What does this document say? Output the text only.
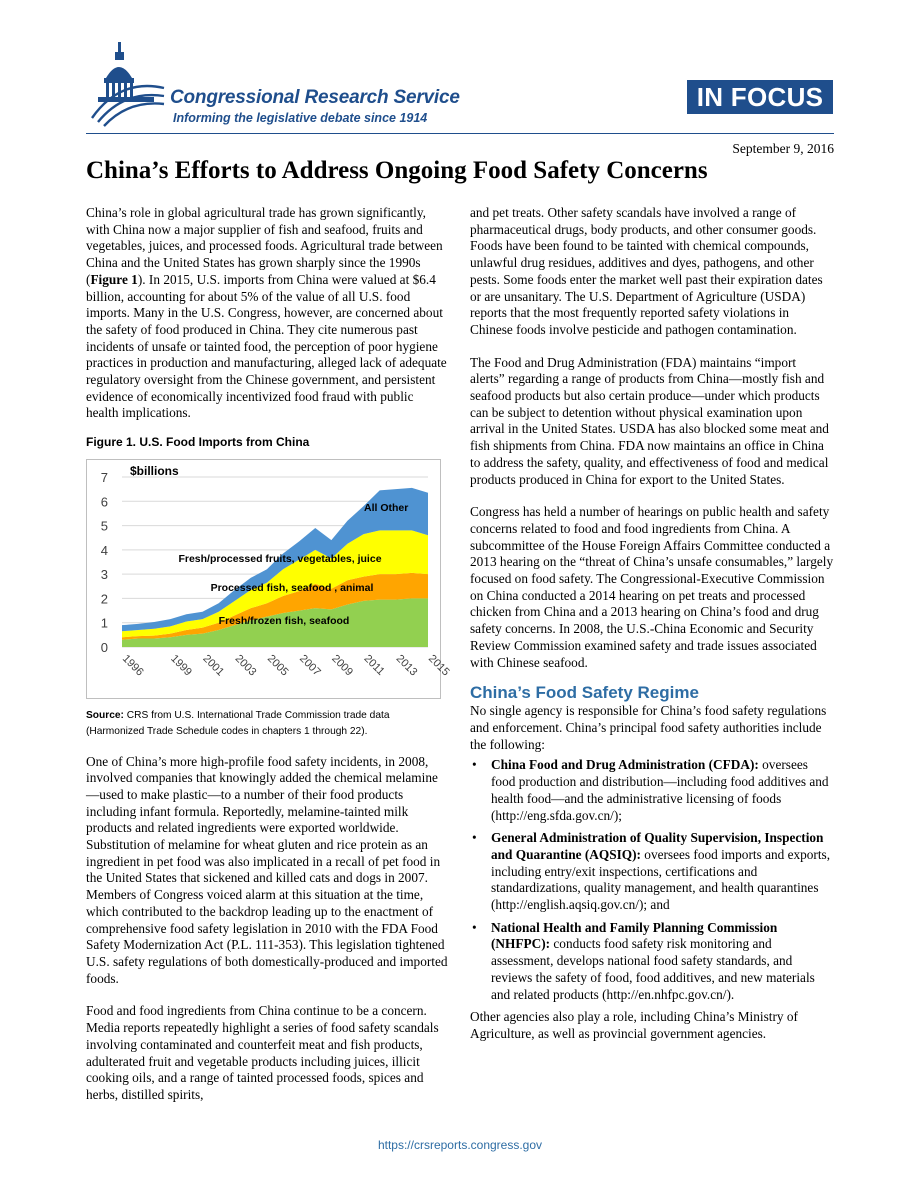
Congressional Research Service
Informing the legislative debate since 1914
IN FOCUS
September 9, 2016
China’s Efforts to Address Ongoing Food Safety Concerns

China’s role in global agricultural trade has grown significantly, with China now a major supplier of fish and seafood, fruits and vegetables, juices, and processed foods. Agricultural trade between China and the United States has grown sharply since the 1990s (Figure 1). In 2015, U.S. imports from China were valued at $6.4 billion, accounting for about 5% of the value of all U.S. food imports. Many in the U.S. Congress, however, are concerned about the safety of food produced in China. They cite numerous past incidents of unsafe or tainted food, the perception of poor hygiene practices in production and manufacturing, alleged lack of adequate regulatory oversight from the Chinese government, and persistent evidence of economically incentivized food fraud with public health implications.

Figure 1. U.S. Food Imports from China
0
1
2
3
4
5
6
7 $billions
Fresh/frozen fish, seafood
Processed fish, seafood , animal
Fresh/processed fruits, vegetables, juice
All Other
1996 1999 2001 2003 2005 2007 2009 2011 2013 2015
Source: CRS from U.S. International Trade Commission trade data (Harmonized Trade Schedule codes in chapters 1 through 22).

One of China’s more high-profile food safety incidents, in 2008, involved companies that knowingly added the chemical melamine—used to make plastic—to a number of their food products including infant formula. Reportedly, melamine-tainted milk products and related ingredients were exported worldwide. Substitution of melamine for wheat gluten and rice protein as an ingredient in pet food was also implicated in a recall of pet food in the United States that sickened and killed cats and dogs in 2007. Members of Congress voiced alarm at this situation at the time, which contributed to the backdrop leading up to the enactment of comprehensive food safety legislation in 2010 with the FDA Food Safety Modernization Act (P.L. 111-353). This legislation tightened U.S. safety regulations of both domestically-produced and imported foods.

Food and food ingredients from China continue to be a concern. Media reports repeatedly highlight a series of food safety scandals involving contaminated and counterfeit meat and fish products, adulterated fruit and vegetable products including juices, illicit cooking oils, and a range of tainted processed foods, spices and herbs, distilled spirits,

and pet treats. Other safety scandals have involved a range of pharmaceutical drugs, body products, and other consumer goods. Foods have been found to be tainted with chemical compounds, unlawful drug residues, additives and dyes, pathogens, and other pests. Some foods enter the market well past their expiration dates or are unsanitary. The U.S. Department of Agriculture (USDA) reports that the most frequently reported safety violations in Chinese foods involve pesticide and pathogen contamination.

The Food and Drug Administration (FDA) maintains “import alerts” regarding a range of products from China—mostly fish and seafood products but also certain produce—under which products can be subject to detention without physical examination upon arrival in the United States. USDA has also blocked some meat and fish shipments from China. FDA now maintains an office in China to address the safety, quality, and effectiveness of food and medical products produced in China for export to the United States.

Congress has held a number of hearings on public health and safety concerns related to food and food ingredients from China. A subcommittee of the House Foreign Affairs Committee conducted a 2013 hearing on the “threat of China’s unsafe consumables,” largely focused on food safety. The Congressional-Executive Commission on China conducted a 2014 hearing on pet treats and processed chicken from China and a 2013 hearing on China’s food and drug safety concerns. In 2008, the U.S.-China Economic and Security Review Commission examined safety and trade issues associated with Chinese seafood.

China’s Food Safety Regime

No single agency is responsible for China’s food safety regulations and enforcement. China’s principal food safety authorities include the following:

• China Food and Drug Administration (CFDA): oversees food production and distribution—including food additives and health food—and the administrative licensing of foods (http://eng.sfda.gov.cn/);
• General Administration of Quality Supervision, Inspection and Quarantine (AQSIQ): oversees food imports and exports, including entry/exit inspections, certifications and standardizations, quality management, and health quarantines (http://english.aqsiq.gov.cn/); and
• National Health and Family Planning Commission (NHFPC): conducts food safety risk monitoring and assessment, develops national food safety standards, and reviews the safety of food, food additives, and new materials and related products (http://en.nhfpc.gov.cn/).

Other agencies also play a role, including China’s Ministry of Agriculture, as well as provincial government agencies.

https://crsreports.congress.gov
